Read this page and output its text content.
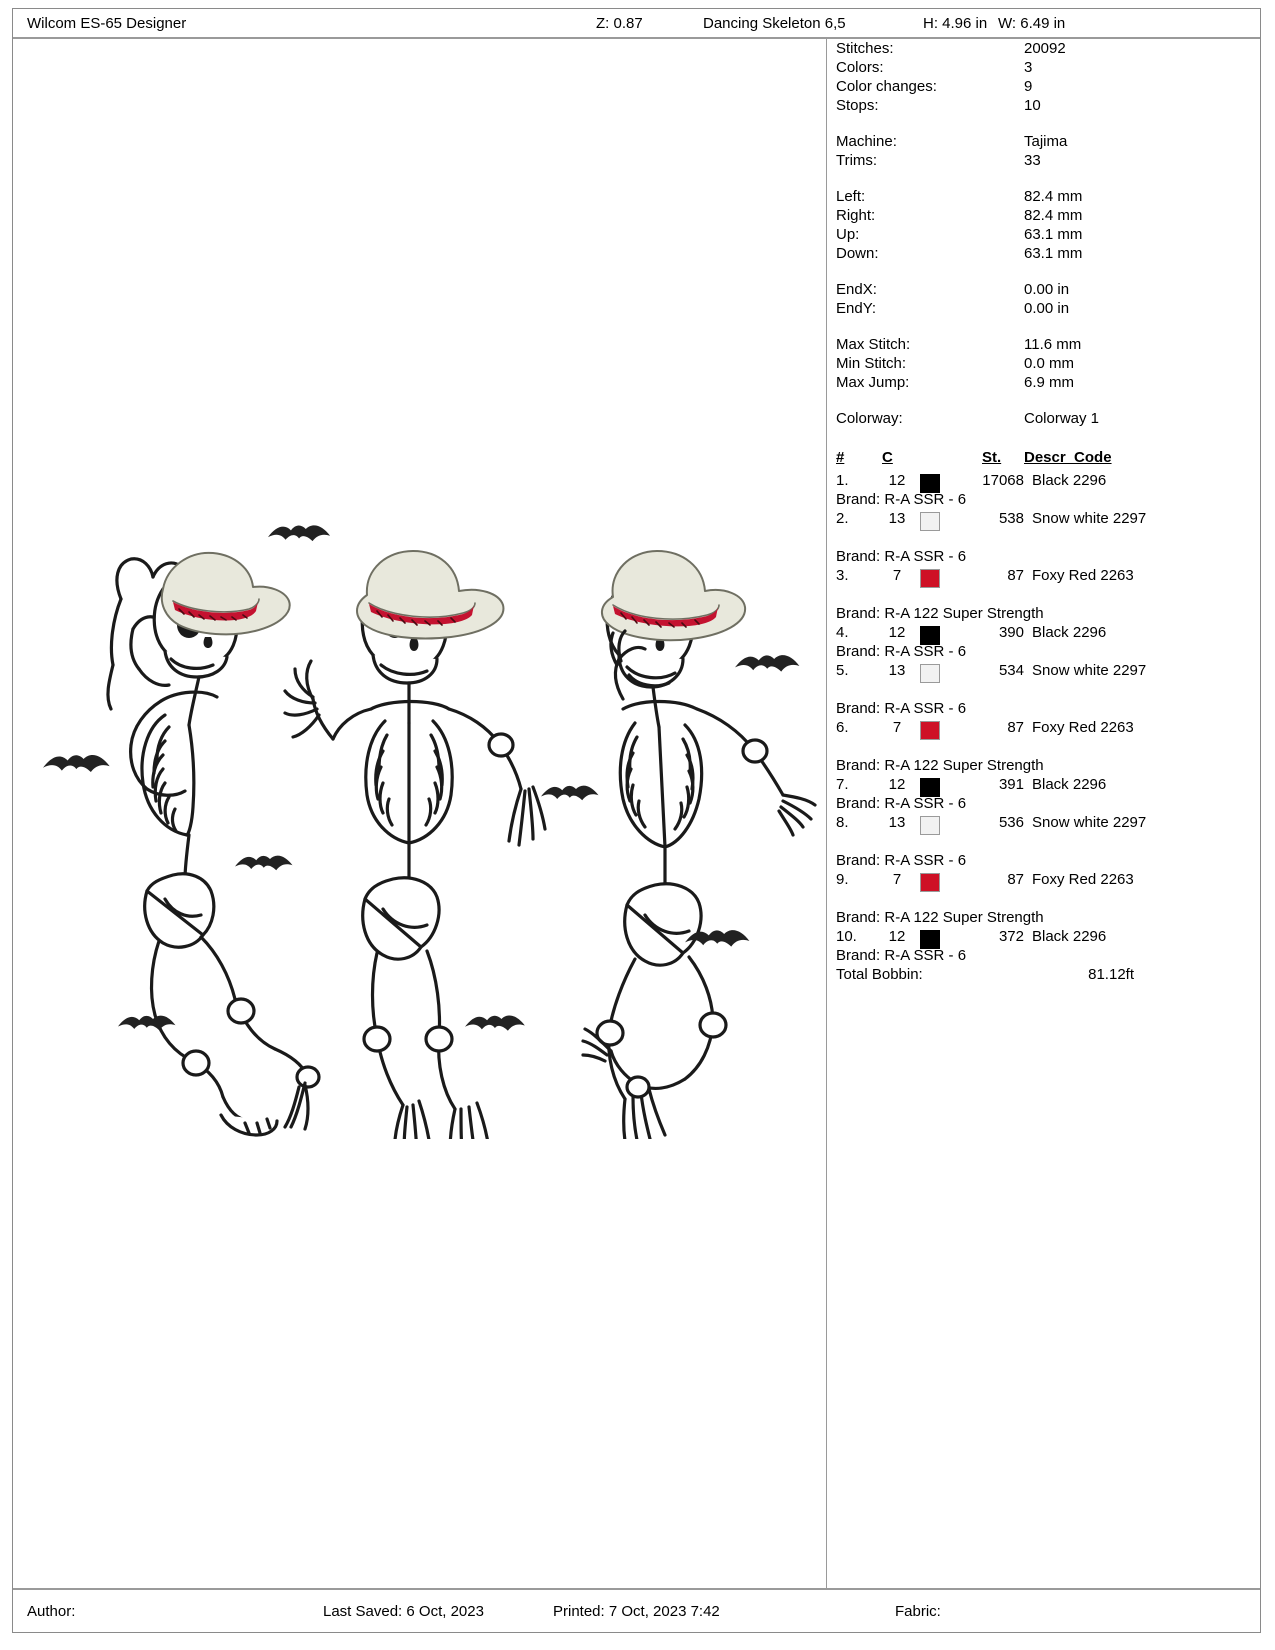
Wilcom ES-65 Designer	Z: 0.87	Dancing Skeleton 6,5	H: 4.96 in W: 6.49 in
Stitches:	20092
Colors:	3
Color changes:	9
Stops:	10
Machine:	Tajima
Trims:	33
Left:	82.4 mm
Right:	82.4 mm
Up:	63.1 mm
Down:	63.1 mm
EndX:	0.00 in
EndY:	0.00 in
Max Stitch:	11.6 mm
Min Stitch:	0.0 mm
Max Jump:	6.9 mm
Colorway:	Colorway 1
#	C	St. Descr_Code
1.	12	17068 Black 2296
Brand: R-A SSR - 6
2.	13	538 Snow white 2297
Brand: R-A SSR - 6
3.	7	87 Foxy Red 2263
Brand: R-A 122 Super Strength
4.	12	390 Black 2296
Brand: R-A SSR - 6
5.	13	534 Snow white 2297
Brand: R-A SSR - 6
6.	7	87 Foxy Red 2263
Brand: R-A 122 Super Strength
7.	12	391 Black 2296
Brand: R-A SSR - 6
8.	13	536 Snow white 2297
Brand: R-A SSR - 6
9.	7	87 Foxy Red 2263
Brand: R-A 122 Super Strength
10.	12	372 Black 2296
Brand: R-A SSR - 6
Total Bobbin:	81.12ft
Author:	Last Saved: 6 Oct, 2023	Printed: 7 Oct, 2023 7:42	Fabric:
